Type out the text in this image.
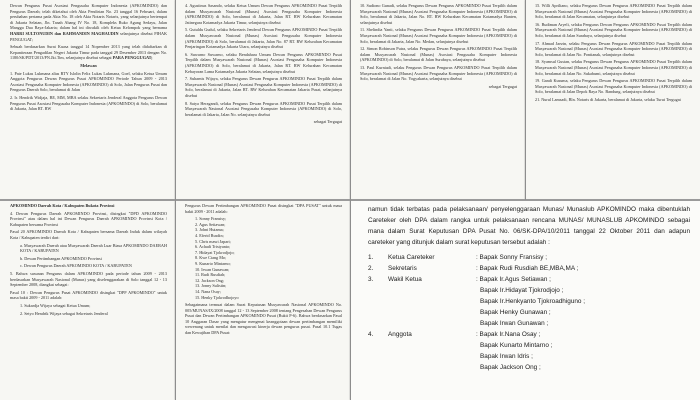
Dewan Pengurus Pusat Asosiasi Pengusaha Komputer Indonesia (APKOMINDO) dan Pengurus Daerah; telah diketahui oleh Akta Pendirian No. 23 tanggal 16 Februari, dalam perubahan pertama pada Akta No. 18 oleh Akta Notaris Notaris, yang selanjutnya bertempat di Jakarta Selatan, Jln. Tanah Abang IV No. 18, Kompleks Ruko Agung Sedayu, Jalan Mangga Dua Raya-Jakarta; dalam hal ini diwakili oleh Ketua Kelompok yang bernama HARRI SULTONUDIN dan RAHMANDIN MAGHAUDIN selanjutnya disebut PIHAK PENGUGAT;

Sebuah berdasarkan Surat Kuasa tanggal 14 Nopember 2013 yang telah didaftarkan di Kepaniteraan Pengadilan Negeri Jakarta Timur pada tanggal 29 Desember 2013 dengan No. 1180/SK/PDT/2013/PN.Jkt.Tim, selanjutnya disebut sebagai PARA PENGGUGAT;

Melawan

1. Pate Lukas Lukmana alias RTY Islolin Felix Lukas Lukmana, Goel, selaku Ketua Umum Anggota Pengurus Dewan Pengurus Pusat APKOMINDO Periode Tahun 2009 - 2013 Asosiasi Pengusaha Komputer Indonesia (APKOMINDO) di Solo, Jalan Pengurus Pusat dan Pengurus Daerah Solo, beralamat di Jalan

2. Ir. Hendrik Widjaja, BE, MM, MBA selaku Sekretaris Jenderal Anggota Pengurus Dewan Pengurus Pusat Asosiasi Pengusaha Komputer Indonesia (APKOMINDO) di Solo, beralamat di Jakarta, Jalan RT. RW

4. Agustinus Sasando, selaku Ketua Umum Dewan Pengurus APKOMINDO Pusat Terpilih dalam Musyawarah Nasional (Munas) Asosiasi Pengusaha Komputer Indonesia (APKOMINDO) di Solo, beralamat di Jakarta, Jalan RT. RW Kelurahan Kecamatan Jatinegara Kotamadya Jakarta Timur, selanjutnya disebut

5. Gutuldu Gudul, selaku Sekretaris Jenderal Dewan Pengurus APKOMINDO Pusat Terpilih dalam Musyawarah Nasional (Munas) Asosiasi Pengusaha Komputer Indonesia (APKOMINDO) di Solo, beralamat di Jakarta, Jalan No. 87 RT. RW Kelurahan Kecamatan Penjaringan Kotamadya Jakarta Utara, selanjutnya disebut

6. Suwarno Suwarno, selaku Bendahara Umum Dewan Pengurus APKOMINDO Pusat Terpilih dalam Musyawarah Nasional (Munas) Asosiasi Pengusaha Komputer Indonesia (APKOMINDO) di Solo, beralamat di Jakarta, Jalan RT. RW Kelurahan Kecamatan Kebayoran Lama Kotamadya Jakarta Selatan, selanjutnya disebut

7. Suharnis Wijaya, selaku Pengurus Dewan Pengurus APKOMINDO Pusat Terpilih dalam Musyawarah Nasional (Munas) Asosiasi Pengusaha Komputer Indonesia (APKOMINDO) di Solo, beralamat di Jakarta, Jalan RT. RW Kelurahan Kecamatan Jakarta Pusat, selanjutnya disebut

8. Satya Heragandi, selaku Pengurus Dewan Pengurus APKOMINDO Pusat Terpilih dalam Musyawarah Nasional Asosiasi Pengusaha Komputer Indonesia (APKOMINDO) di Solo, beralamat di Jakarta, Jalan No. selanjutnya disebut

sebagai Tergugat

10. Sudiono Gunadi, selaku Pengurus Dewan Pengurus APKOMINDO Pusat Terpilih dalam Musyawarah Nasional (Munas) Asosiasi Pengusaha Komputer Indonesia (APKOMINDO) di Solo, beralamat di Jakarta, Jalan No. RT. RW Kelurahan Kecamatan Kotamadya Banten, selanjutnya disebut

11. Shelindia Yanti, selaku Pengurus Dewan Pengurus APKOMINDO Pusat Terpilih dalam Musyawarah Nasional (Munas) Asosiasi Pengusaha Komputer Indonesia (APKOMINDO) di Solo, beralamat di Jakarta, Jalan No. Medan, selanjutnya disebut

12. Simon Robinson Putra, selaku Pengurus Dewan Pengurus APKOMINDO Pusat Terpilih dalam Musyawarah Nasional (Munas) Asosiasi Pengusaha Komputer Indonesia (APKOMINDO) di Solo, beralamat di Jalan Surabaya, selanjutnya disebut

13. Paul Kurniadi, selaku Pengurus Dewan Pengurus APKOMINDO Pusat Terpilih dalam Musyawarah Nasional (Munas) Asosiasi Pengusaha Komputer Indonesia (APKOMINDO) di Solo, beralamat di Jalan No. Yogyakarta, selanjutnya disebut

sebagai Tergugat

15. Willi Apriliano, selaku Pengurus Dewan Pengurus APKOMINDO Pusat Terpilih dalam Musyawarah Nasional (Munas) Asosiasi Pengusaha Komputer Indonesia (APKOMINDO) di Solo, beralamat di Jalan Kecamatan, selanjutnya disebut

16. Budiman Aryeli, selaku Pengurus Dewan Pengurus APKOMINDO Pusat Terpilih dalam Musyawarah Nasional (Munas) Asosiasi Pengusaha Komputer Indonesia (APKOMINDO) di Solo, beralamat di Jalan Surabaya, selanjutnya disebut

17. Ahmad Jaezin, selaku Pengurus Dewan Pengurus APKOMINDO Pusat Terpilih dalam Musyawarah Nasional (Munas) Asosiasi Pengusaha Komputer Indonesia (APKOMINDO) di Solo, beralamat di Jalan No. Pontianak, selanjutnya disebut

18. Syamsul Gustan, selaku Pengurus Dewan Pengurus APKOMINDO Pusat Terpilih dalam Musyawarah Nasional (Munas) Asosiasi Pengusaha Komputer Indonesia (APKOMINDO) di Solo, beralamat di Jalan No. Sukabumi, selanjutnya disebut

19. Gandi Kusuma, selaku Pengurus Dewan Pengurus APKOMINDO Pusat Terpilih dalam Musyawarah Nasional (Munas) Asosiasi Pengusaha Komputer Indonesia (APKOMINDO) di Solo, beralamat di Jalan Depok Raya No. Bandung, selanjutnya disebut

21. Nurul Lamsadi, Bln. Notaris di Jakarta, beralamat di Jakarta, selaku Turut Tergugat

APKOMINDO Daerah Kota / Kabupaten Bukota Provinsi

4. Dewan Pengurus Daerah APKOMINDO Provinsi, disingkat "DPD APKOMINDO Provinsi" atau dalam hal ini Dewan Pengurus Daerah APKOMINDO Provinsi Kota / Kabupaten bersama Provinsi

Pasal 20 APKOMINDO Daerah Kota / Kabupaten bersama Daerah Induk dalam wilayah Kota / Kabupaten terdiri dari:

a. Musyawarah Daerah atau Musyawarah Daerah Luar Biasa APKOMINDO DAERAH KOTA / KABUPATEN

b. Dewan Pertimbangan APKOMINDO Provinsi

c. Dewan Pengurus Daerah APKOMINDO KOTA / KABUPATEN

5. Bahwa susunan Pengurus dalam APKOMINDO pada periode tahun 2009 - 2013 berdasarkan Musyawarah Nasional (Munas) yang diselenggarakan di Solo tanggal 12 - 13 September 2008, diangkat sebagai:

Pasal 10 : Dewan Pengurus Pusat APKOMINDO disingkat "DPP APKOMINDO" untuk masa bakti 2009 - 2011 adalah:

1. Sukardja Wijaya sebagai Ketua Umum;

2. Setyo Hendrik Wijaya sebagai Sekretaris Jenderal

Pengurus Dewan Pertimbangan APKOMINDO Pusat disingkat "DPA PUSAT" untuk masa bakti 2009 - 2011 adalah:

1. Sonny Fransisy;
2. Agus Setiawan;
3. Johni Hutama;
4. Eferid Rusdin;
5. Chris mawi Japari;
6. Achadi Tristyanto;
7. Hidayat Tjokrodjojo;
8. Kwe Ciang Mo;
9. Kunarto Mintarno;
10. Irwan Gunawan;
11. Rudi Rusdiah;
12. Jackson Ong;
13. Jonny Sulistin;
14. Nana Osay;
15. Henky Tjokrodhojoyo

Sebagaimana termuat dalam Surat Keputusan Musyawarah Nasional APKOMINDO No. 005/MUNAS/IX/2008 tanggal 12 - 13 September 2008 tentang Pengesahan Dewan Pengurus Pusat dan Dewan Pertimbangan APKOMINDO Pusat (Bukti P-6). Bahwa berdasarkan Pasal 10 Anggaran Dasar yang mengatur mengenai keanggotaan dewan pertimbangan memiliki wewenang untuk menilai dan mengawasi kinerja dewan pengurus pusat. Pasal 10.1 Tugas dan Kewajiban DPA Pusat:

namun tidak terbatas pada pelaksanaan/ penyelenggaraan Munas/ Munaslub APKOMINDO maka dibentuklah Careteker oleh DPA dalam rangka untuk pelaksanaan rencana MUNAS/ MUNASLUB APKOMINDO sebagai mana dalam Surat Keputusan DPA Pusat No. 06/SK-DPA/10/2011 tanggal 22 Oktober 2011 dan adapun careteker yang ditunjuk dalam surat keputusan tersebut adalah :
1.	Ketua Careteker	: Bapak Sonny Fransisy ;
2.	Sekretaris	: Bapak Rudi Rusdiah BE,MBA,MA ;
3.	Wakil Ketua	: Bapak Ir.Agus Setiawan ;
Bapak Ir.Hidayat Tjokrodjojo ;
Bapak Ir.Henkyanto Tjokroadhiguno ;
Bapak Henky Gunawan ;
Bapak Irwan Gunawan ;
4.	Anggota	: Bapak Ir.Nana Osay ;
Bapak Kunarto Mintarno ;
Bapak Irwan Idris ;
Bapak Jackson Ong ;
